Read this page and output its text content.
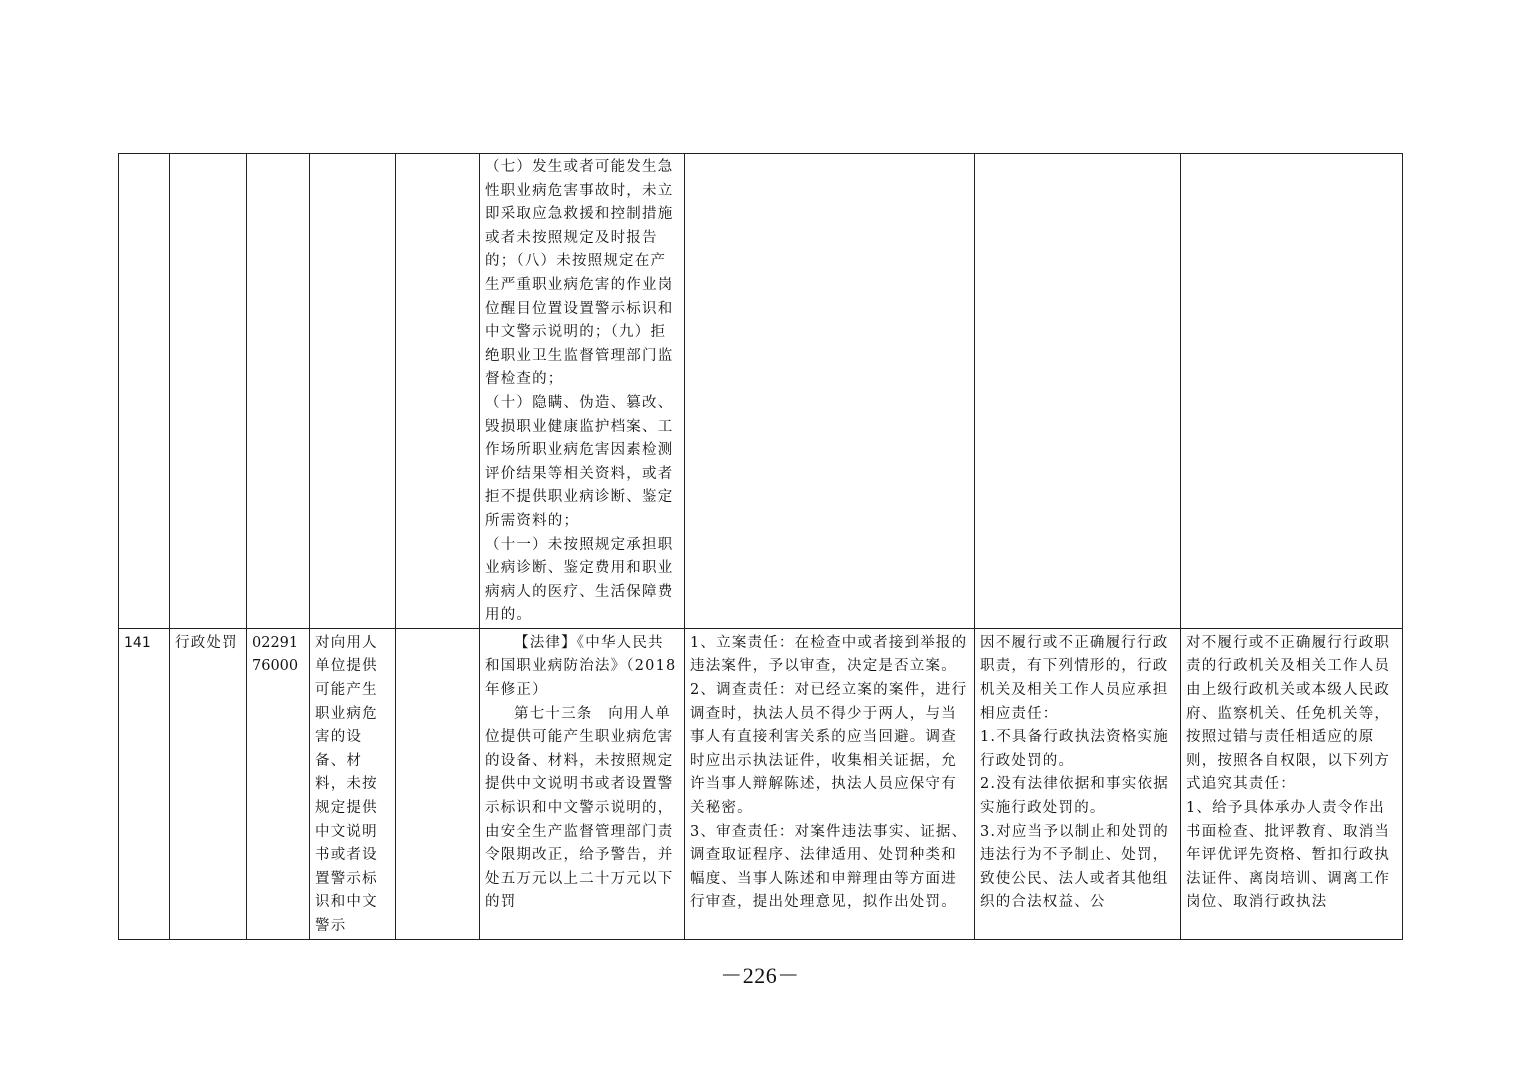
					（七）发生或者可能发生急性职业病危害事故时，未立即采取应急救援和控制措施或者未按照规定及时报告的；（八）未按照规定在产生严重职业病危害的作业岗位醒目位置设置警示标识和中文警示说明的；（九）拒绝职业卫生监督管理部门监督检查的；
（十）隐瞒、伪造、篡改、毁损职业健康监护档案、工作场所职业病危害因素检测评价结果等相关资料，或者拒不提供职业病诊断、鉴定所需资料的；
（十一）未按照规定承担职业病诊断、鉴定费用和职业病病人的医疗、生活保障费用的。			

141	行政处罚	0229176000	对向用人单位提供可能产生职业病危害的设备、材料，未按规定提供中文说明书或者设置警示标识和中文警示		【法律】《中华人民共和国职业病防治法》（2018年修正）
第七十三条　向用人单位提供可能产生职业病危害的设备、材料，未按照规定提供中文说明书或者设置警示标识和中文警示说明的，由安全生产监督管理部门责令限期改正，给予警告，并处五万元以上二十万元以下的罚	1、立案责任：在检查中或者接到举报的违法案件，予以审查，决定是否立案。
2、调查责任：对已经立案的案件，进行调查时，执法人员不得少于两人，与当事人有直接利害关系的应当回避。调查时应出示执法证件，收集相关证据，允许当事人辩解陈述，执法人员应保守有关秘密。
3、审查责任：对案件违法事实、证据、调查取证程序、法律适用、处罚种类和幅度、当事人陈述和申辩理由等方面进行审查，提出处理意见，拟作出处罚。	因不履行或不正确履行行政职责，有下列情形的，行政机关及相关工作人员应承担相应责任：
1.不具备行政执法资格实施行政处罚的。
2.没有法律依据和事实依据实施行政处罚的。
3.对应当予以制止和处罚的违法行为不予制止、处罚，致使公民、法人或者其他组织的合法权益、公	对不履行或不正确履行行政职责的行政机关及相关工作人员由上级行政机关或本级人民政府、监察机关、任免机关等，按照过错与责任相适应的原则，按照各自权限，以下列方式追究其责任：
1、给予具体承办人责令作出书面检查、批评教育、取消当年评优评先资格、暂扣行政执法证件、离岗培训、调离工作岗位、取消行政执法
－226－
